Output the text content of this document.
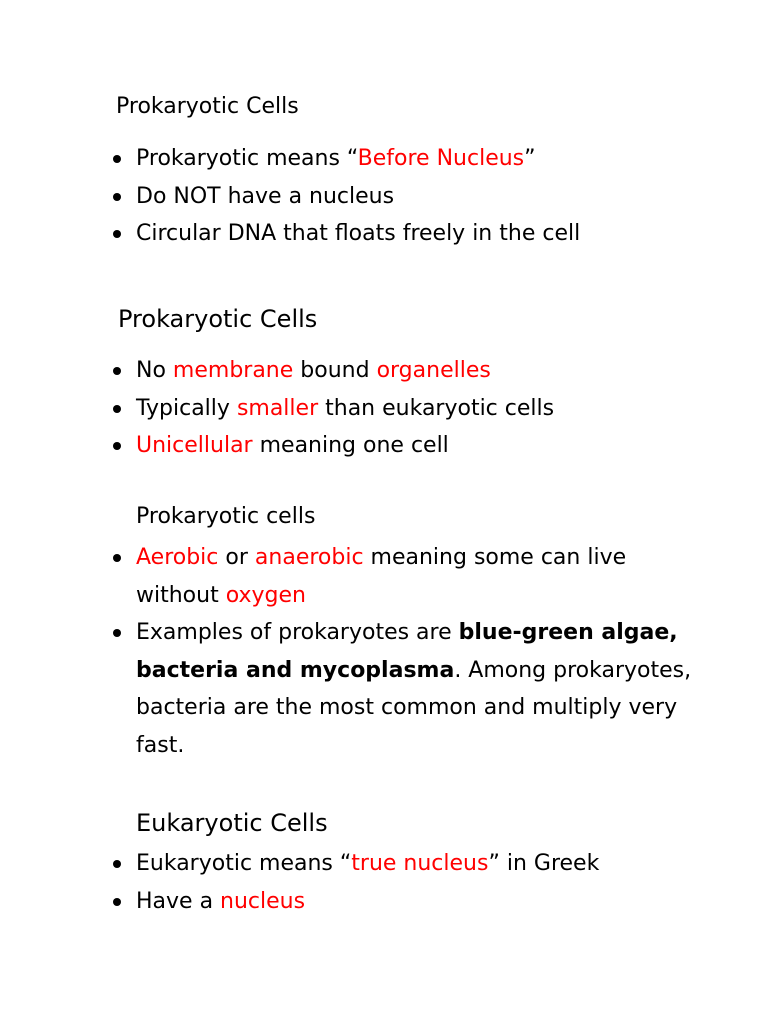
Prokaryotic Cells
Prokaryotic means “Before Nucleus”
Do NOT have a nucleus
Circular DNA that floats freely in the cell
Prokaryotic Cells
No membrane bound organelles
Typically smaller than eukaryotic cells
Unicellular meaning one cell
Prokaryotic cells
Aerobic or anaerobic meaning some can live without oxygen
Examples of prokaryotes are blue-green algae, bacteria and mycoplasma. Among prokaryotes, bacteria are the most common and multiply very fast.
Eukaryotic Cells
Eukaryotic means “true nucleus” in Greek
Have a nucleus
